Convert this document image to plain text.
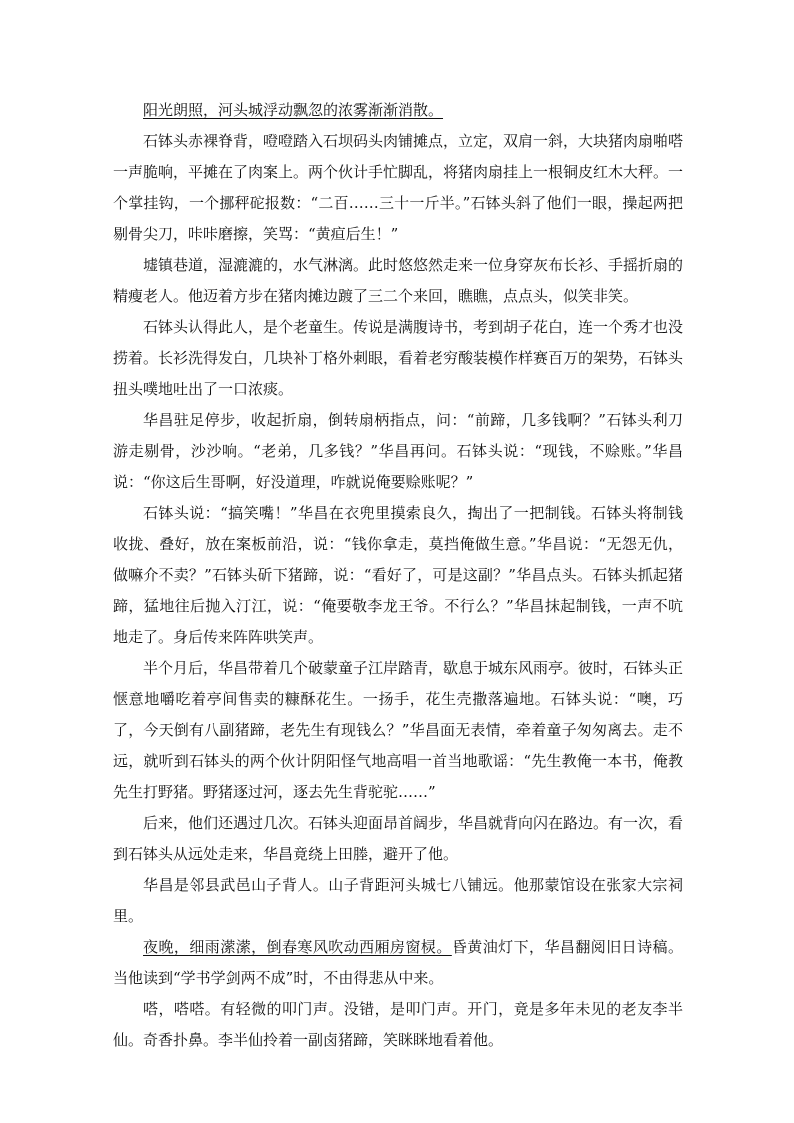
阳光朗照，河头城浮动飘忽的浓雾渐渐消散。

石钵头赤裸脊背，噔噔踏入石坝码头肉铺摊点，立定，双肩一斜，大块猪肉扇啪嗒一声脆响，平摊在了肉案上。两个伙计手忙脚乱，将猪肉扇挂上一根铜皮红木大秤。一个掌挂钩，一个挪秤砣报数：“二百……三十一斤半。”石钵头斜了他们一眼，操起两把剔骨尖刀，咔咔磨擦，笑骂：“黄疸后生！”

墟镇巷道，湿漉漉的，水气淋漓。此时悠悠然走来一位身穿灰布长衫、手摇折扇的精瘦老人。他迈着方步在猪肉摊边踱了三二个来回，瞧瞧，点点头，似笑非笑。

石钵头认得此人，是个老童生。传说是满腹诗书，考到胡子花白，连一个秀才也没捞着。长衫洗得发白，几块补丁格外刺眼，看着老穷酸装模作样赛百万的架势，石钵头扭头噗地吐出了一口浓痰。

华昌驻足停步，收起折扇，倒转扇柄指点，问：“前蹄，几多钱啊？”石钵头利刀游走剔骨，沙沙响。“老弟，几多钱？”华昌再问。石钵头说：“现钱，不赊账。”华昌说：“你这后生哥啊，好没道理，咋就说俺要赊账呢？”

石钵头说：“搞笑嘴！”华昌在衣兜里摸索良久，掏出了一把制钱。石钵头将制钱收拢、叠好，放在案板前沿，说：“钱你拿走，莫挡俺做生意。”华昌说：“无怨无仇，做嘛介不卖？”石钵头斫下猪蹄，说：“看好了，可是这副？”华昌点头。石钵头抓起猪蹄，猛地往后抛入汀江，说：“俺要敬李龙王爷。不行么？”华昌抹起制钱，一声不吭地走了。身后传来阵阵哄笑声。

半个月后，华昌带着几个破蒙童子江岸踏青，歇息于城东风雨亭。彼时，石钵头正惬意地嚼吃着亭间售卖的糠酥花生。一扬手，花生壳撒落遍地。石钵头说：“噢，巧了，今天倒有八副猪蹄，老先生有现钱么？”华昌面无表情，牵着童子匆匆离去。走不远，就听到石钵头的两个伙计阴阳怪气地高唱一首当地歌谣：“先生教俺一本书，俺教先生打野猪。野猪逐过河，逐去先生背驼驼……”

后来，他们还遇过几次。石钵头迎面昂首阔步，华昌就背向闪在路边。有一次，看到石钵头从远处走来，华昌竟绕上田塍，避开了他。

华昌是邻县武邑山子背人。山子背距河头城七八铺远。他那蒙馆设在张家大宗祠里。

夜晚，细雨潆潆，倒春寒风吹动西厢房窗棂。昏黄油灯下，华昌翻阅旧日诗稿。当他读到“学书学剑两不成”时，不由得悲从中来。

嗒，嗒嗒。有轻微的叩门声。没错，是叩门声。开门，竟是多年未见的老友李半仙。奇香扑鼻。李半仙拎着一副卤猪蹄，笑眯眯地看着他。
